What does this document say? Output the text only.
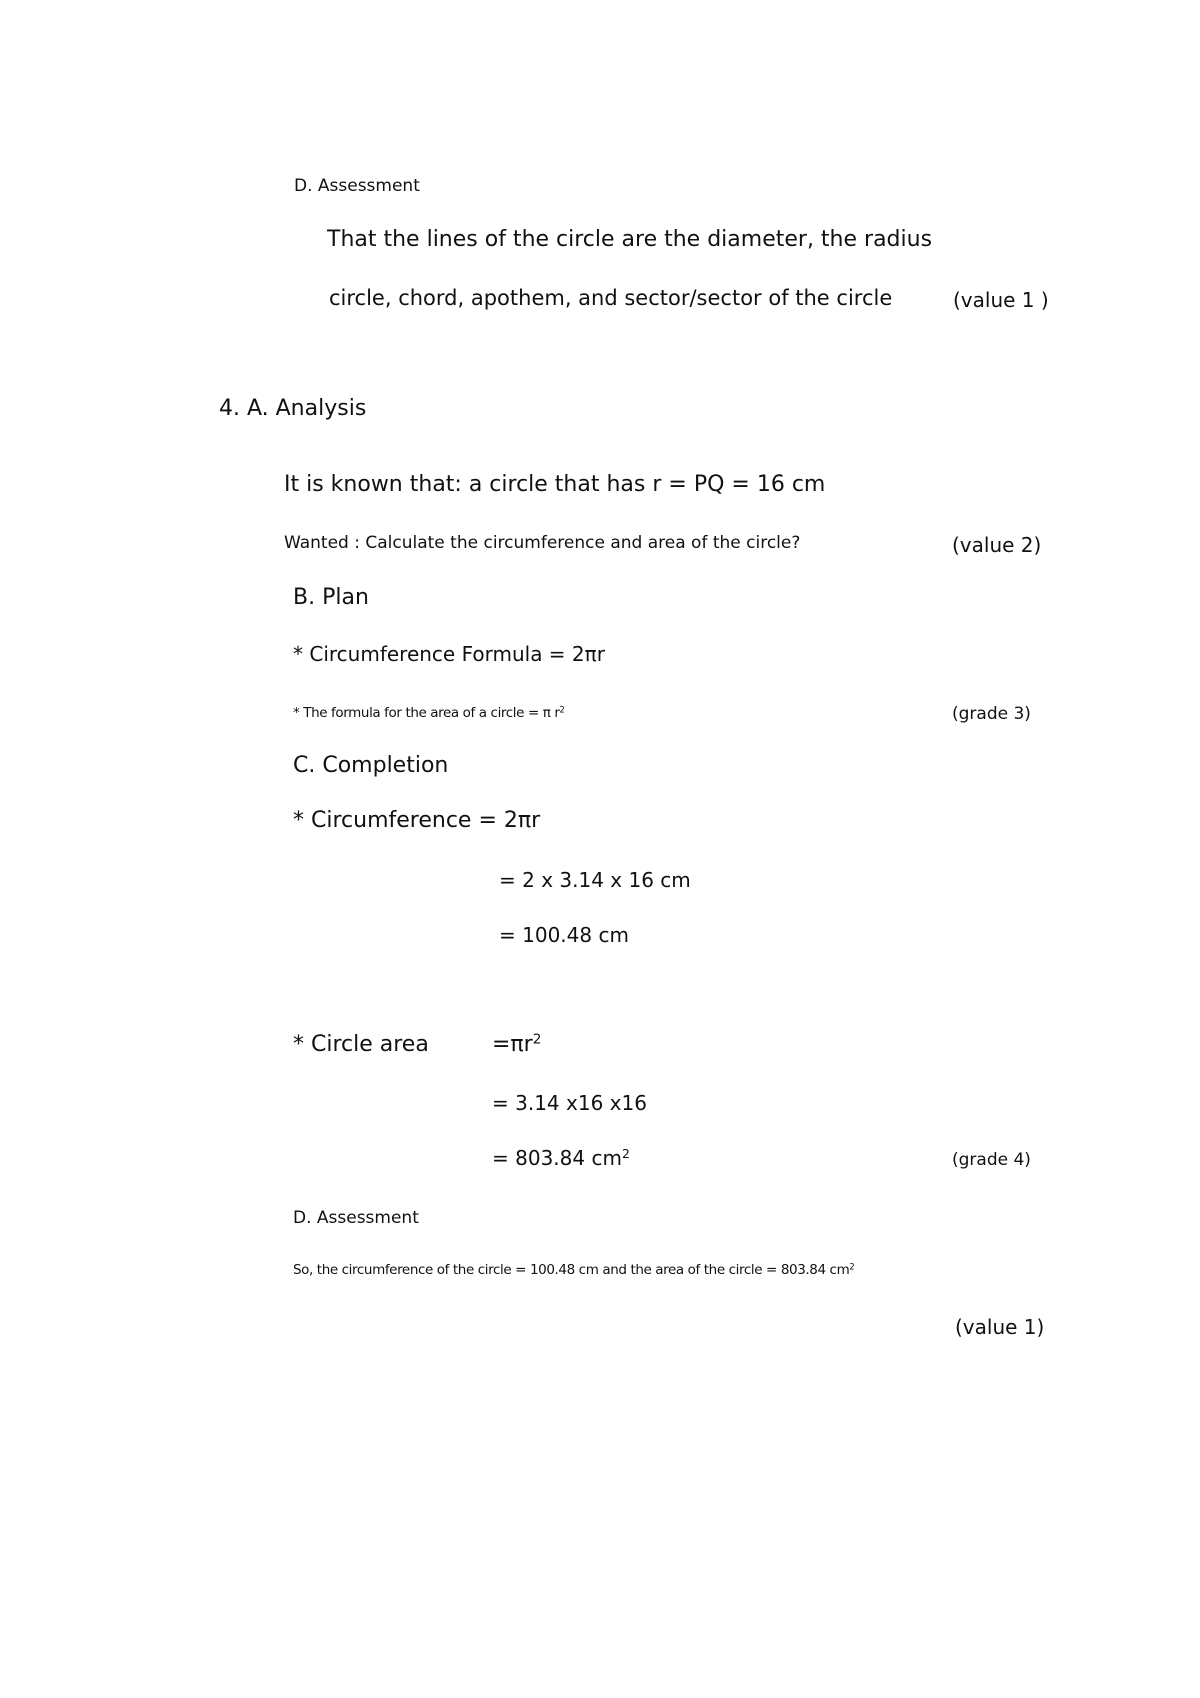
D. Assessment
That the lines of the circle are the diameter, the radius
circle, chord, apothem, and sector/sector of the circle	(value 1 )
4. A. Analysis
It is known that: a circle that has r = PQ = 16 cm
Wanted : Calculate the circumference and area of the circle?	(value 2)
B. Plan
* Circumference Formula = 2πr
* The formula for the area of a circle = π $r^2$	(grade 3)
C. Completion
* Circumference = 2πr
= 2 x 3.14 x 16 cm
= 100.48 cm
* Circle area	$=\pi r^2$
= 3.14 x16 x16
= 803.84 $cm^2$	(grade 4)
D. Assessment
So, the circumference of the circle = 100.48 cm and the area of the circle = 803.84 $cm^2$
(value 1)
